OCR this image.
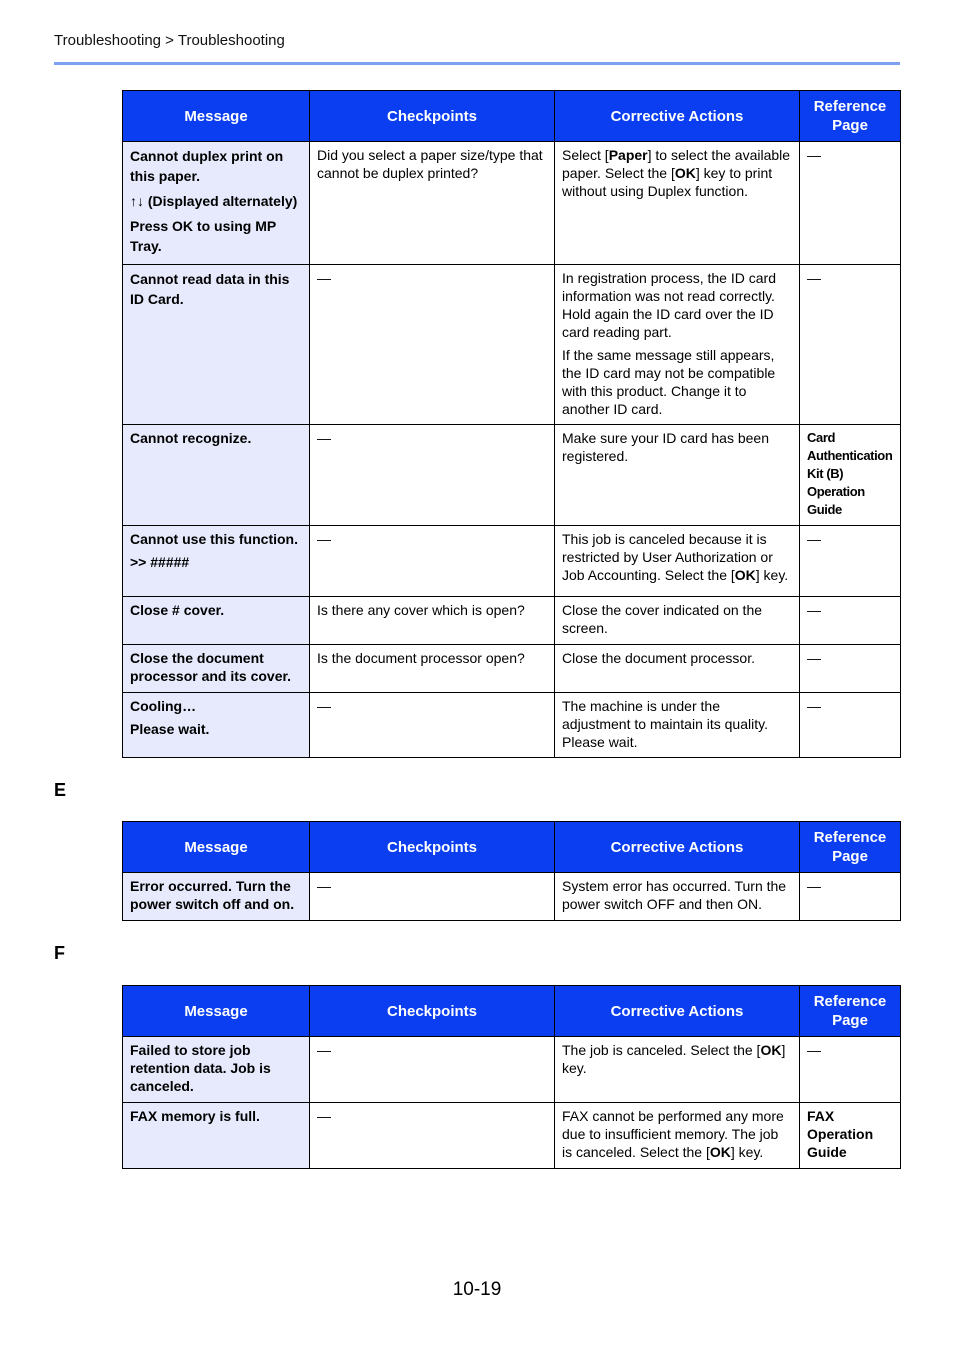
Troubleshooting > Troubleshooting
Message	Checkpoints	Corrective Actions	Reference
Page

Cannot duplex print on
this paper.
↑↓ (Displayed alternately)
Press OK to using MP
Tray.	Did you select a paper size/type that cannot be duplex printed?	Select [Paper] to select the available paper. Select the [OK] key to print without using Duplex function.	—

Cannot read data in this ID Card.	—	In registration process, the ID card information was not read correctly. Hold again the ID card over the ID card reading part.

If the same message still appears, the ID card may not be compatible with this product. Change it to another ID card.	—

Cannot recognize.	—	Make sure your ID card has been registered.	Card
Authentication
Kit (B)
Operation
Guide

Cannot use this function.
>> #####	—	This job is canceled because it is restricted by User Authorization or Job Accounting. Select the [OK] key.	—

Close # cover.	Is there any cover which is open?	Close the cover indicated on the screen.	—

Close the document processor and its cover.	Is the document processor open?	Close the document processor.	—

Cooling…
Please wait.	—	The machine is under the adjustment to maintain its quality. Please wait.	—
E
Message	Checkpoints	Corrective Actions	Reference
Page
Error occurred. Turn the power switch off and on.	—	System error has occurred. Turn the power switch OFF and then ON.	—
F
Message	Checkpoints	Corrective Actions	Reference
Page
Failed to store job retention data. Job is canceled.	—	The job is canceled. Select the [OK] key.	—
FAX memory is full.	—	FAX cannot be performed any more due to insufficient memory. The job is canceled. Select the [OK] key.	FAX
Operation
Guide
10-19
